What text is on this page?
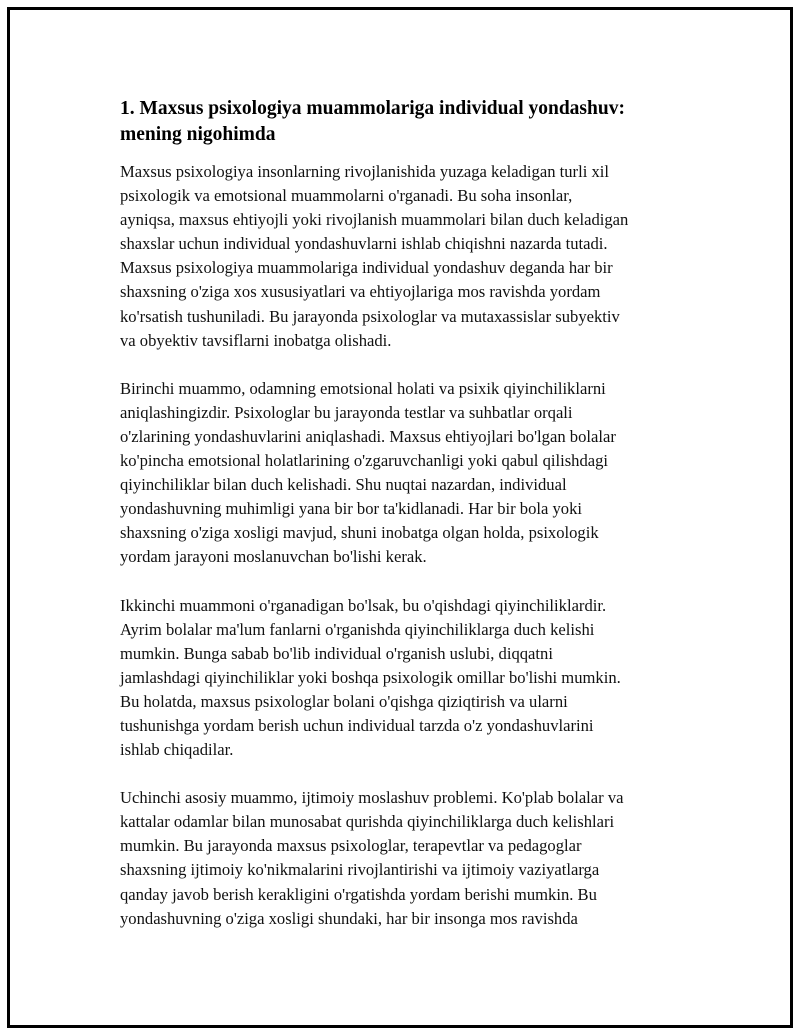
1. Maxsus psixologiya muammolariga individual yondashuv:
mening nigohimda

Maxsus psixologiya insonlarning rivojlanishida yuzaga keladigan turli xil
psixologik va emotsional muammolarni o'rganadi. Bu soha insonlar,
ayniqsa, maxsus ehtiyojli yoki rivojlanish muammolari bilan duch keladigan
shaxslar uchun individual yondashuvlarni ishlab chiqishni nazarda tutadi.
Maxsus psixologiya muammolariga individual yondashuv deganda har bir
shaxsning o'ziga xos xususiyatlari va ehtiyojlariga mos ravishda yordam
ko'rsatish tushuniladi. Bu jarayonda psixologlar va mutaxassislar subyektiv
va obyektiv tavsiflarni inobatga olishadi.

Birinchi muammo, odamning emotsional holati va psixik qiyinchiliklarni
aniqlashingizdir. Psixologlar bu jarayonda testlar va suhbatlar orqali
o'zlarining yondashuvlarini aniqlashadi. Maxsus ehtiyojlari bo'lgan bolalar
ko'pincha emotsional holatlarining o'zgaruvchanligi yoki qabul qilishdagi
qiyinchiliklar bilan duch kelishadi. Shu nuqtai nazardan, individual
yondashuvning muhimligi yana bir bor ta'kidlanadi. Har bir bola yoki
shaxsning o'ziga xosligi mavjud, shuni inobatga olgan holda, psixologik
yordam jarayoni moslanuvchan bo'lishi kerak.

Ikkinchi muammoni o'rganadigan bo'lsak, bu o'qishdagi qiyinchiliklardir.
Ayrim bolalar ma'lum fanlarni o'rganishda qiyinchiliklarga duch kelishi
mumkin. Bunga sabab bo'lib individual o'rganish uslubi, diqqatni
jamlashdagi qiyinchiliklar yoki boshqa psixologik omillar bo'lishi mumkin.
Bu holatda, maxsus psixologlar bolani o'qishga qiziqtirish va ularni
tushunishga yordam berish uchun individual tarzda o'z yondashuvlarini
ishlab chiqadilar.

Uchinchi asosiy muammo, ijtimoiy moslashuv problemi. Ko'plab bolalar va
kattalar odamlar bilan munosabat qurishda qiyinchiliklarga duch kelishlari
mumkin. Bu jarayonda maxsus psixologlar, terapevtlar va pedagoglar
shaxsning ijtimoiy ko'nikmalarini rivojlantirishi va ijtimoiy vaziyatlarga
qanday javob berish kerakligini o'rgatishda yordam berishi mumkin. Bu
yondashuvning o'ziga xosligi shundaki, har bir insonga mos ravishda
